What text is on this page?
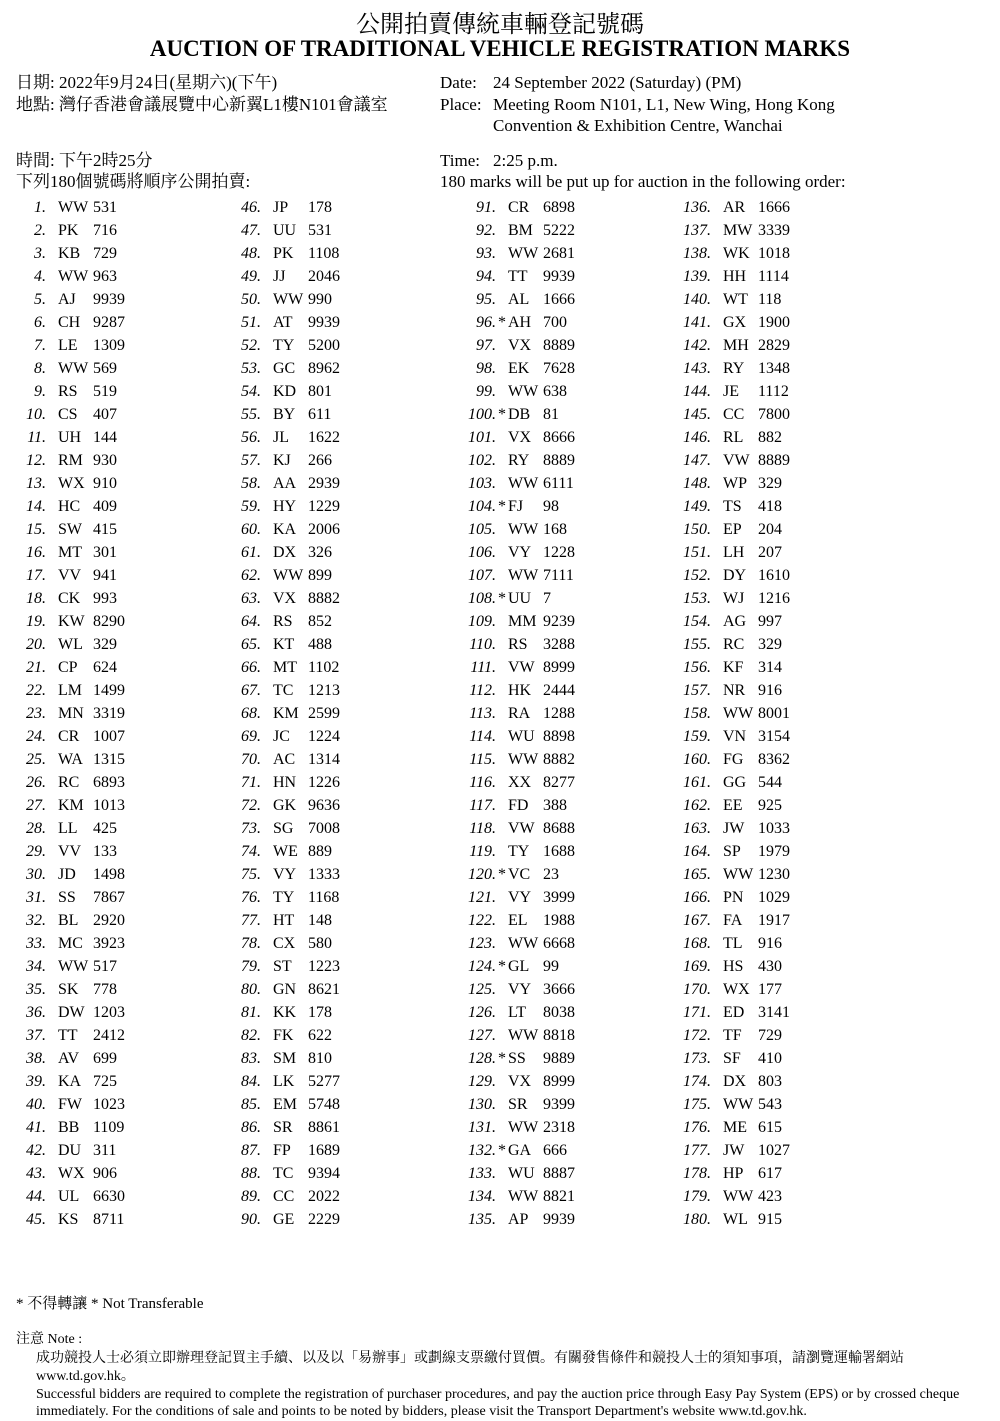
公開拍賣傳統車輛登記號碼
AUCTION OF TRADITIONAL VEHICLE REGISTRATION MARKS
日期: 2022年9月24日(星期六)(下午)
地點: 灣仔香港會議展覽中心新翼L1樓N101會議室
Date: 24 September 2022 (Saturday) (PM)
Place: Meeting Room N101, L1, New Wing, Hong Kong
Convention & Exhibition Centre, Wanchai
時間: 下午2時25分
下列180個號碼將順序公開拍賣:
Time: 2:25 p.m.
180 marks will be put up for auction in the following order:
1. WW 531
2. PK 716
3. KB 729
4. WW 963
5. AJ 9939
6. CH 9287
7. LE 1309
8. WW 569
9. RS 519
10. CS 407
11. UH 144
12. RM 930
13. WX 910
14. HC 409
15. SW 415
16. MT 301
17. VV 941
18. CK 993
19. KW 8290
20. WL 329
21. CP 624
22. LM 1499
23. MN 3319
24. CR 1007
25. WA 1315
26. RC 6893
27. KM 1013
28. LL 425
29. VV 133
30. JD 1498
31. SS 7867
32. BL 2920
33. MC 3923
34. WW 517
35. SK 778
36. DW 1203
37. TT 2412
38. AV 699
39. KA 725
40. FW 1023
41. BB 1109
42. DU 311
43. WX 906
44. UL 6630
45. KS 8711
46. JP 178
47. UU 531
48. PK 1108
49. JJ 2046
50. WW 990
51. AT 9939
52. TY 5200
53. GC 8962
54. KD 801
55. BY 611
56. JL 1622
57. KJ 266
58. AA 2939
59. HY 1229
60. KA 2006
61. DX 326
62. WW 899
63. VX 8882
64. RS 852
65. KT 488
66. MT 1102
67. TC 1213
68. KM 2599
69. JC 1224
70. AC 1314
71. HN 1226
72. GK 9636
73. SG 7008
74. WE 889
75. VY 1333
76. TY 1168
77. HT 148
78. CX 580
79. ST 1223
80. GN 8621
81. KK 178
82. FK 622
83. SM 810
84. LK 5277
85. EM 5748
86. SR 8861
87. FP 1689
88. TC 9394
89. CC 2022
90. GE 2229
91. CR 6898
92. BM 5222
93. WW 2681
94. TT 9939
95. AL 1666
96. * AH 700
97. VX 8889
98. EK 7628
99. WW 638
100. * DB 81
101. VX 8666
102. RY 8889
103. WW 6111
104. * FJ 98
105. WW 168
106. VY 1228
107. WW 7111
108. * UU 7
109. MM 9239
110. RS 3288
111. VW 8999
112. HK 2444
113. RA 1288
114. WU 8898
115. WW 8882
116. XX 8277
117. FD 388
118. VW 8688
119. TY 1688
120. * VC 23
121. VY 3999
122. EL 1988
123. WW 6668
124. * GL 99
125. VY 3666
126. LT 8038
127. WW 8818
128. * SS 9889
129. VX 8999
130. SR 9399
131. WW 2318
132. * GA 666
133. WU 8887
134. WW 8821
135. AP 9939
136. AR 1666
137. MW 3339
138. WK 1018
139. HH 1114
140. WT 118
141. GX 1900
142. MH 2829
143. RY 1348
144. JE 1112
145. CC 7800
146. RL 882
147. VW 8889
148. WP 329
149. TS 418
150. EP 204
151. LH 207
152. DY 1610
153. WJ 1216
154. AG 997
155. RC 329
156. KF 314
157. NR 916
158. WW 8001
159. VN 3154
160. FG 8362
161. GG 544
162. EE 925
163. JW 1033
164. SP 1979
165. WW 1230
166. PN 1029
167. FA 1917
168. TL 916
169. HS 430
170. WX 177
171. ED 3141
172. TF 729
173. SF 410
174. DX 803
175. WW 543
176. ME 615
177. JW 1027
178. HP 617
179. WW 423
180. WL 915
* 不得轉讓 * Not Transferable
注意 Note :
成功競投人士必須立即辦理登記買主手續、以及以「易辦事」或劃線支票繳付買價。有關發售條件和競投人士的須知事項，請瀏覽運輸署網站
www.td.gov.hk。
Successful bidders are required to complete the registration of purchaser procedures, and pay the auction price through Easy Pay System (EPS) or by crossed cheque
immediately. For the conditions of sale and points to be noted by bidders, please visit the Transport Department's website www.td.gov.hk.
